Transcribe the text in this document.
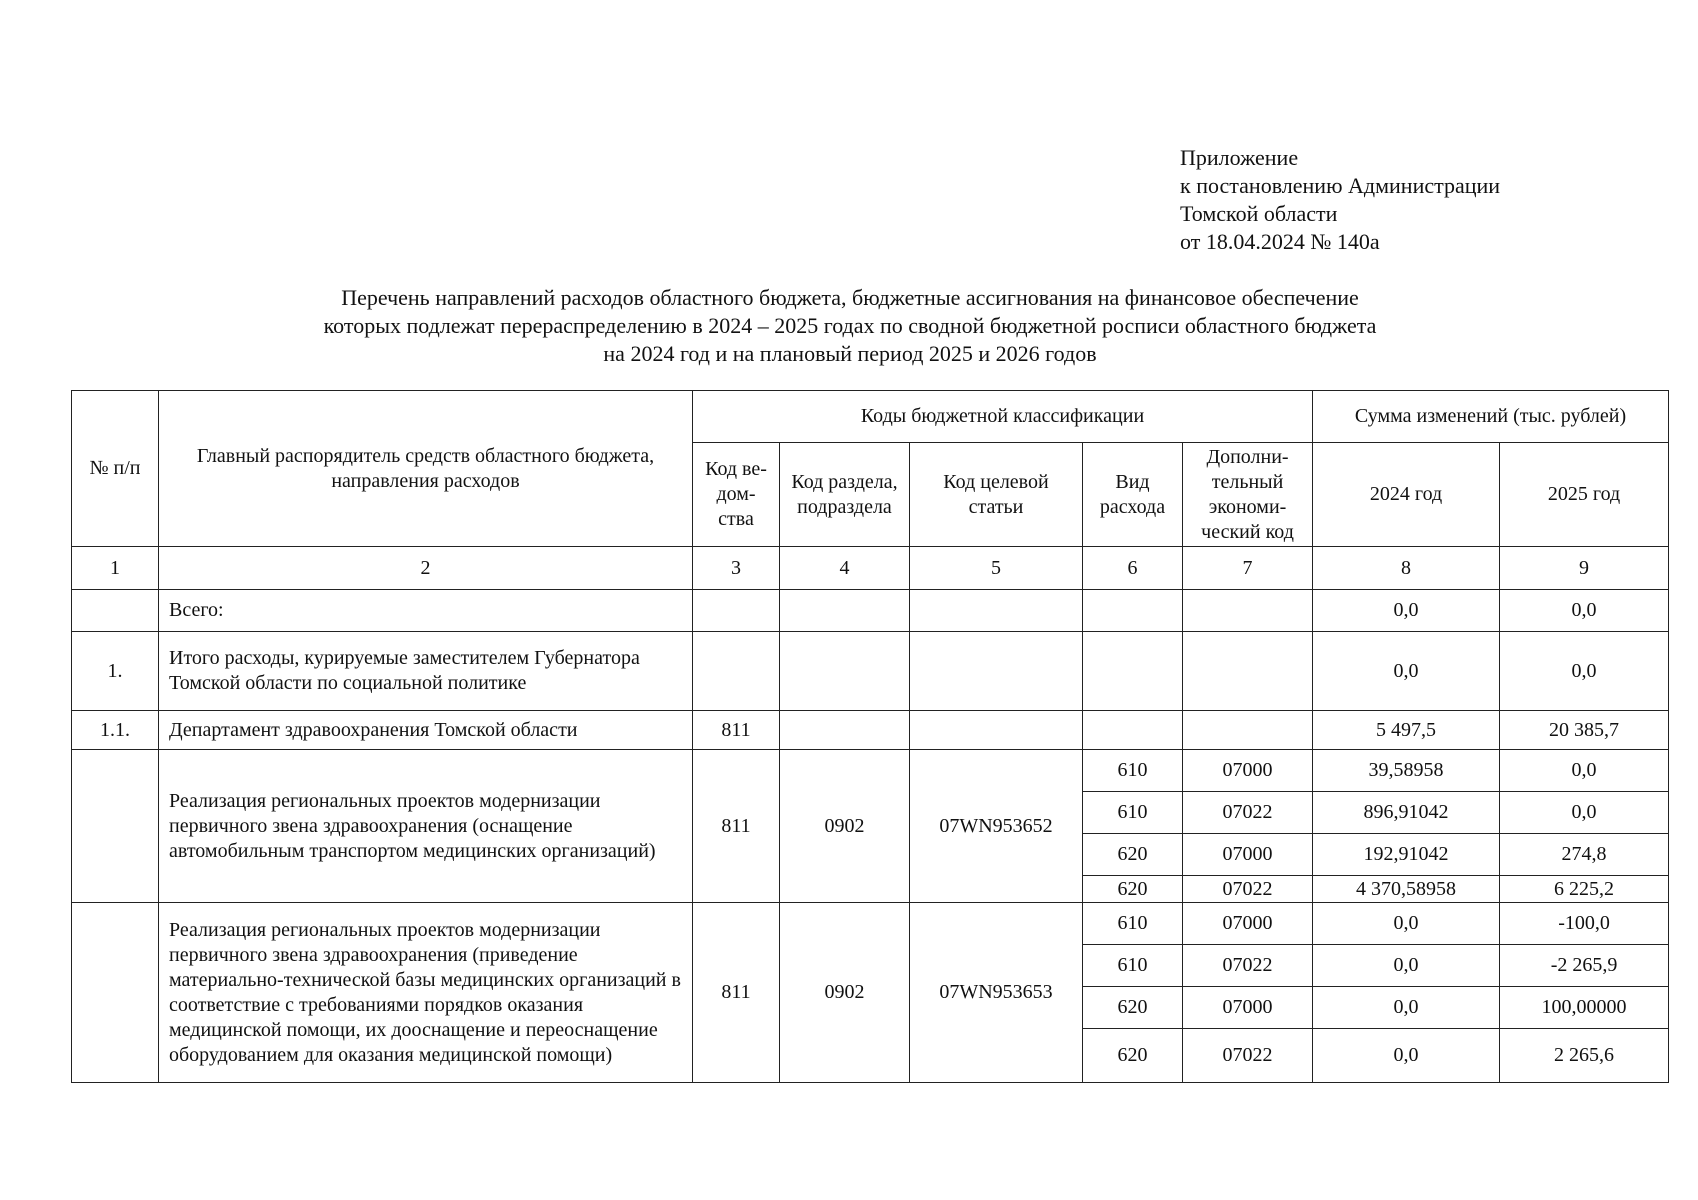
Приложение
к постановлению Администрации
Томской области
от 18.04.2024 № 140а
Перечень направлений расходов областного бюджета, бюджетные ассигнования на финансовое обеспечение
которых подлежат перераспределению в 2024 – 2025 годах по сводной бюджетной росписи областного бюджета
на 2024 год и на плановый период 2025 и 2026 годов
№ п/п	Главный распорядитель средств областного бюджета, направления расходов	Коды бюджетной классификации					Сумма изменений (тыс. рублей)	
		Код ве-дом-ства	Код раздела, подраздела	Код целевой статьи	Вид расхода	Дополни-тельный экономи-ческий код	2024 год	2025 год
1	2	3	4	5	6	7	8	9
	Всего:						0,0	0,0
1.	Итого расходы, курируемые заместителем Губернатора Томской области по социальной политике						0,0	0,0
1.1.	Департамент здравоохранения Томской области	811					5 497,5	20 385,7
	Реализация региональных проектов модернизации первичного звена здравоохранения (оснащение автомобильным транспортом медицинских организаций)	811	0902	07WN953652	610	07000	39,58958	0,0
					610	07022	896,91042	0,0
					620	07000	192,91042	274,8
					620	07022	4 370,58958	6 225,2
	Реализация региональных проектов модернизации первичного звена здравоохранения (приведение материально-технической базы медицинских организаций в соответствие с требованиями порядков оказания медицинской помощи, их дооснащение и переоснащение оборудованием для оказания медицинской помощи)	811	0902	07WN953653	610	07000	0,0	-100,0
					610	07022	0,0	-2 265,9
					620	07000	0,0	100,00000
					620	07022	0,0	2 265,6
